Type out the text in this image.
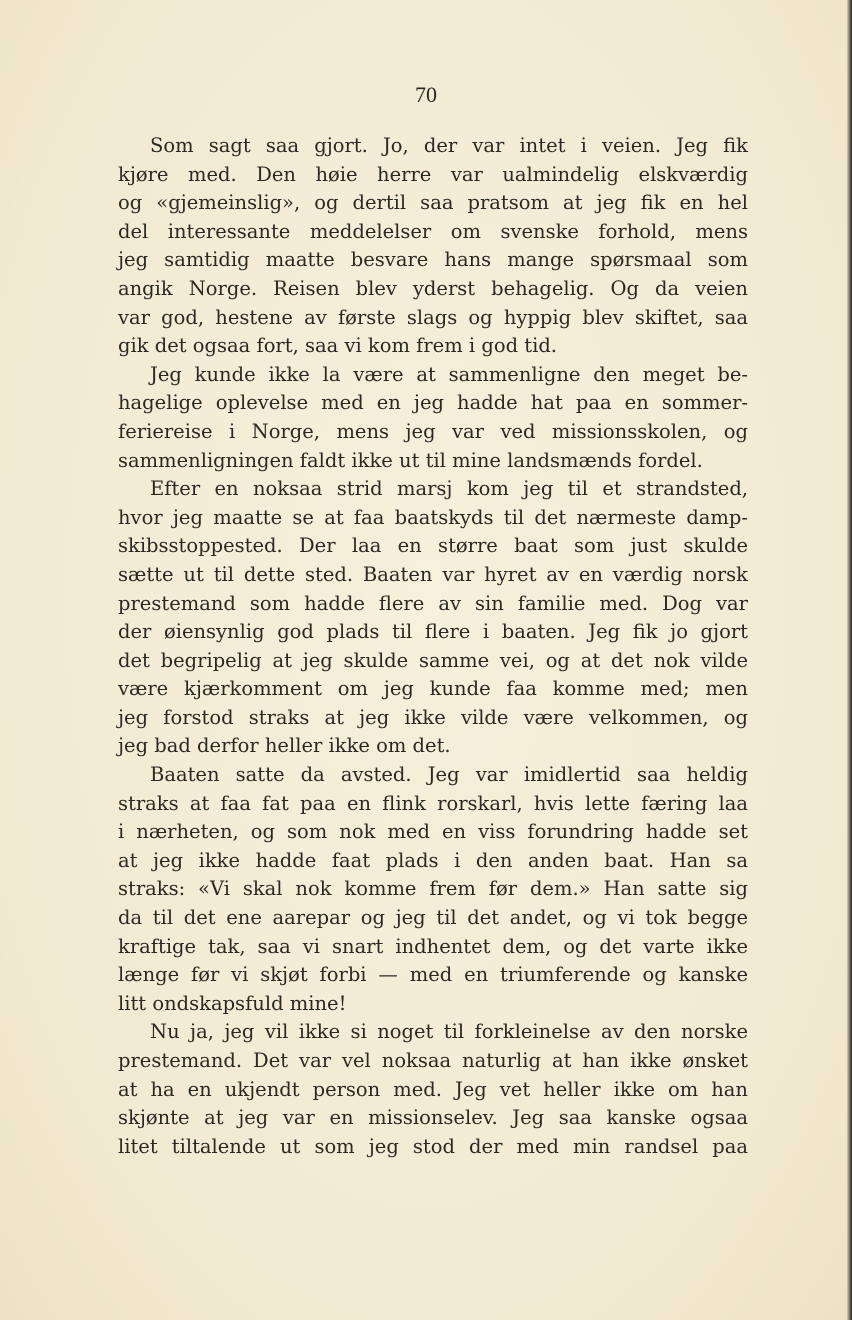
70
Som sagt saa gjort. Jo, der var intet i veien. Jeg fik
kjøre med. Den høie herre var ualmindelig elskværdig
og «gjemeinslig», og dertil saa pratsom at jeg fik en hel
del interessante meddelelser om svenske forhold, mens
jeg samtidig maatte besvare hans mange spørsmaal som
angik Norge. Reisen blev yderst behagelig. Og da veien
var god, hestene av første slags og hyppig blev skiftet, saa
gik det ogsaa fort, saa vi kom frem i god tid.
Jeg kunde ikke la være at sammenligne den meget be-
hagelige oplevelse med en jeg hadde hat paa en sommer-
feriereise i Norge, mens jeg var ved missionsskolen, og
sammenligningen faldt ikke ut til mine landsmænds fordel.
Efter en noksaa strid marsj kom jeg til et strandsted,
hvor jeg maatte se at faa baatskyds til det nærmeste damp-
skibsstoppested. Der laa en større baat som just skulde
sætte ut til dette sted. Baaten var hyret av en værdig norsk
prestemand som hadde flere av sin familie med. Dog var
der øiensynlig god plads til flere i baaten. Jeg fik jo gjort
det begripelig at jeg skulde samme vei, og at det nok vilde
være kjærkomment om jeg kunde faa komme med; men
jeg forstod straks at jeg ikke vilde være velkommen, og
jeg bad derfor heller ikke om det.
Baaten satte da avsted. Jeg var imidlertid saa heldig
straks at faa fat paa en flink rorskarl, hvis lette færing laa
i nærheten, og som nok med en viss forundring hadde set
at jeg ikke hadde faat plads i den anden baat. Han sa
straks: «Vi skal nok komme frem før dem.» Han satte sig
da til det ene aarepar og jeg til det andet, og vi tok begge
kraftige tak, saa vi snart indhentet dem, og det varte ikke
længe før vi skjøt forbi — med en triumferende og kanske
litt ondskapsfuld mine!
Nu ja, jeg vil ikke si noget til forkleinelse av den norske
prestemand. Det var vel noksaa naturlig at han ikke ønsket
at ha en ukjendt person med. Jeg vet heller ikke om han
skjønte at jeg var en missionselev. Jeg saa kanske ogsaa
litet tiltalende ut som jeg stod der med min randsel paa
